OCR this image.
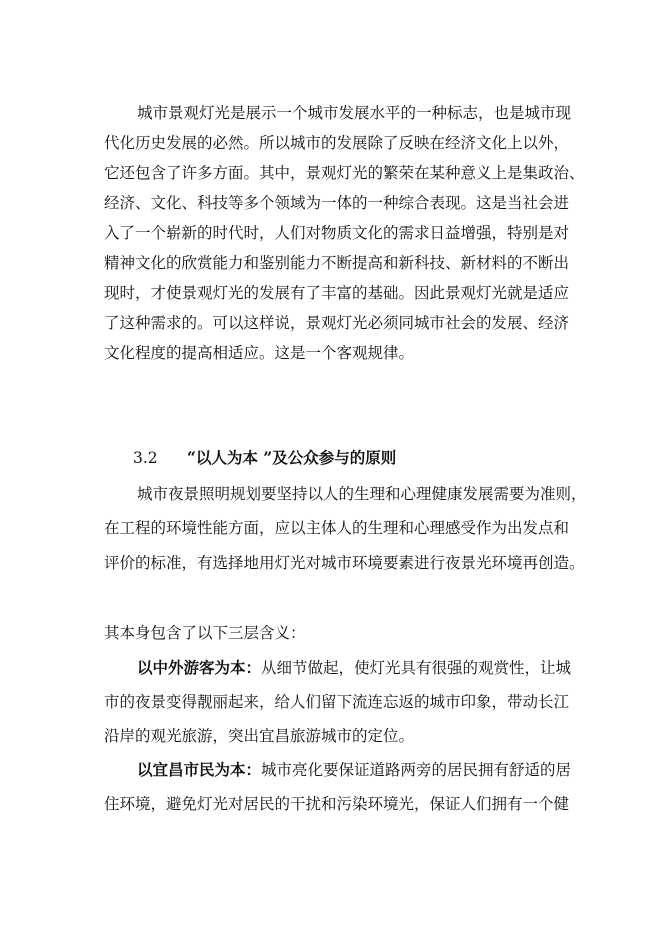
城市景观灯光是展示一个城市发展水平的一种标志，也是城市现
代化历史发展的必然。所以城市的发展除了反映在经济文化上以外，
它还包含了许多方面。其中，景观灯光的繁荣在某种意义上是集政治、
经济、文化、科技等多个领域为一体的一种综合表现。这是当社会进
入了一个崭新的时代时，人们对物质文化的需求日益增强，特别是对
精神文化的欣赏能力和鉴别能力不断提高和新科技、新材料的不断出
现时，才使景观灯光的发展有了丰富的基础。因此景观灯光就是适应
了这种需求的。可以这样说，景观灯光必须同城市社会的发展、经济
文化程度的提高相适应。这是一个客观规律。
3.2 “以人为本 ”及公众参与的原则
城市夜景照明规划要坚持以人的生理和心理健康发展需要为准则，
在工程的环境性能方面，应以主体人的生理和心理感受作为出发点和
评价的标准，有选择地用灯光对城市环境要素进行夜景光环境再创造。
其本身包含了以下三层含义：
以中外游客为本：从细节做起，使灯光具有很强的观赏性，让城
市的夜景变得靓丽起来，给人们留下流连忘返的城市印象，带动长江
沿岸的观光旅游，突出宜昌旅游城市的定位。
以宜昌市民为本：城市亮化要保证道路两旁的居民拥有舒适的居
住环境，避免灯光对居民的干扰和污染环境光，保证人们拥有一个健
